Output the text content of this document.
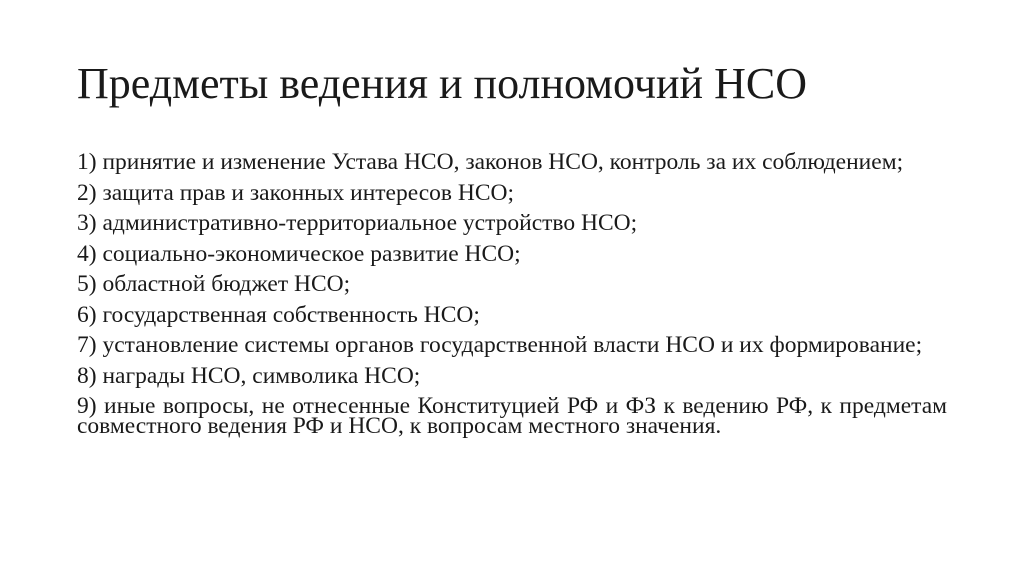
Предметы ведения и полномочий НСО
1) принятие и изменение Устава НСО, законов НСО, контроль за их соблюдением;
2) защита прав и законных интересов НСО;
3) административно-территориальное устройство НСО;
4) социально-экономическое развитие НСО;
5) областной бюджет НСО;
6) государственная собственность НСО;
7) установление системы органов государственной власти НСО и их формирование;
8) награды НСО, символика НСО;
9) иные вопросы, не отнесенные Конституцией РФ и ФЗ к ведению РФ, к предметам совместного ведения РФ и НСО, к вопросам местного значения.
